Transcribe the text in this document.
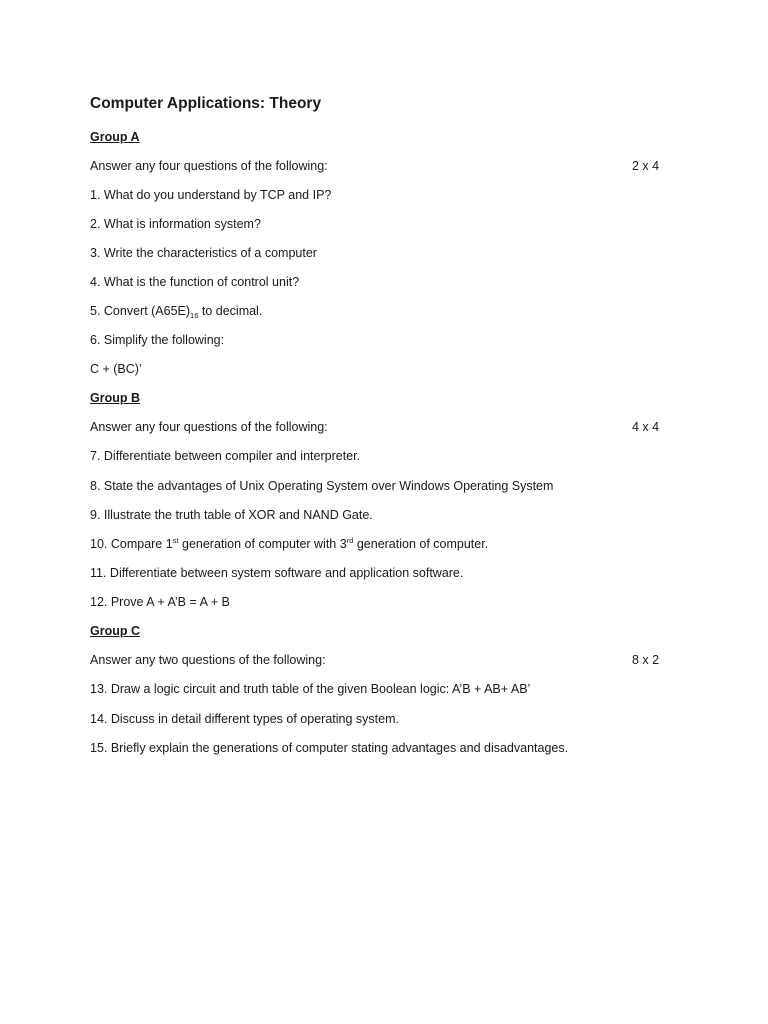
Computer Applications: Theory
Group A
Answer any four questions of the following:	2 x 4
1. What do you understand by TCP and IP?
2. What is information system?
3. Write the characteristics of a computer
4. What is the function of control unit?
5. Convert $(A65E)_{16}$ to decimal.
6. Simplify the following:
C + (BC)’
Group B
Answer any four questions of the following:	4 x 4
7. Differentiate between compiler and interpreter.
8. State the advantages of Unix Operating System over Windows Operating System
9. Illustrate the truth table of XOR and NAND Gate.
10. Compare 1st generation of computer with 3rd generation of computer.
11. Differentiate between system software and application software.
12. Prove A + A’B = A + B
Group C
Answer any two questions of the following:	8 x 2
13. Draw a logic circuit and truth table of the given Boolean logic: A’B + AB+ AB’
14. Discuss in detail different types of operating system.
15. Briefly explain the generations of computer stating advantages and disadvantages.
